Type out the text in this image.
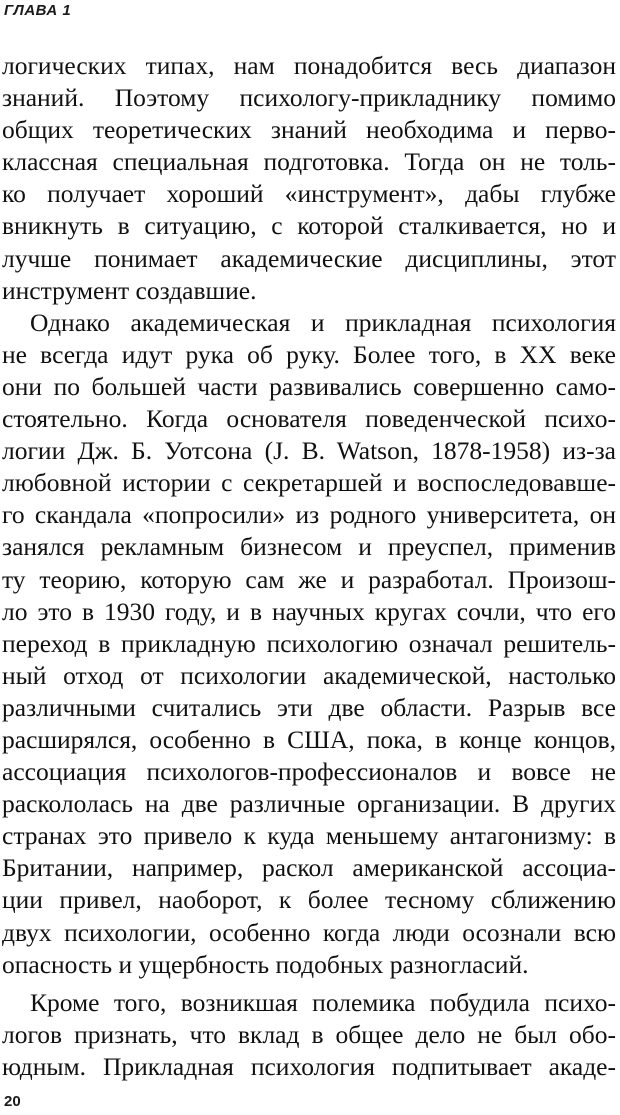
ГЛАВА 1
логических типах, нам понадобится весь диапазон
знаний. Поэтому психологу-прикладнику помимо
общих теоретических знаний необходима и перво-
классная специальная подготовка. Тогда он не толь-
ко получает хороший «инструмент», дабы глубже
вникнуть в ситуацию, с которой сталкивается, но и
лучше понимает академические дисциплины, этот
инструмент создавшие.
Однако академическая и прикладная психология
не всегда идут рука об руку. Более того, в XX веке
они по большей части развивались совершенно само-
стоятельно. Когда основателя поведенческой психо-
логии Дж. Б. Уотсона (J. B. Watson, 1878-1958) из-за
любовной истории с секретаршей и воспоследовавше-
го скандала «попросили» из родного университета, он
занялся рекламным бизнесом и преуспел, применив
ту теорию, которую сам же и разработал. Произош-
ло это в 1930 году, и в научных кругах сочли, что его
переход в прикладную психологию означал решитель-
ный отход от психологии академической, настолько
различными считались эти две области. Разрыв все
расширялся, особенно в США, пока, в конце концов,
ассоциация психологов-профессионалов и вовсе не
раскололась на две различные организации. В других
странах это привело к куда меньшему антагонизму: в
Британии, например, раскол американской ассоциа-
ции привел, наоборот, к более тесному сближению
двух психологии, особенно когда люди осознали всю
опасность и ущербность подобных разногласий.
Кроме того, возникшая полемика побудила психо-
логов признать, что вклад в общее дело не был обо-
юдным. Прикладная психология подпитывает акаде-
20
